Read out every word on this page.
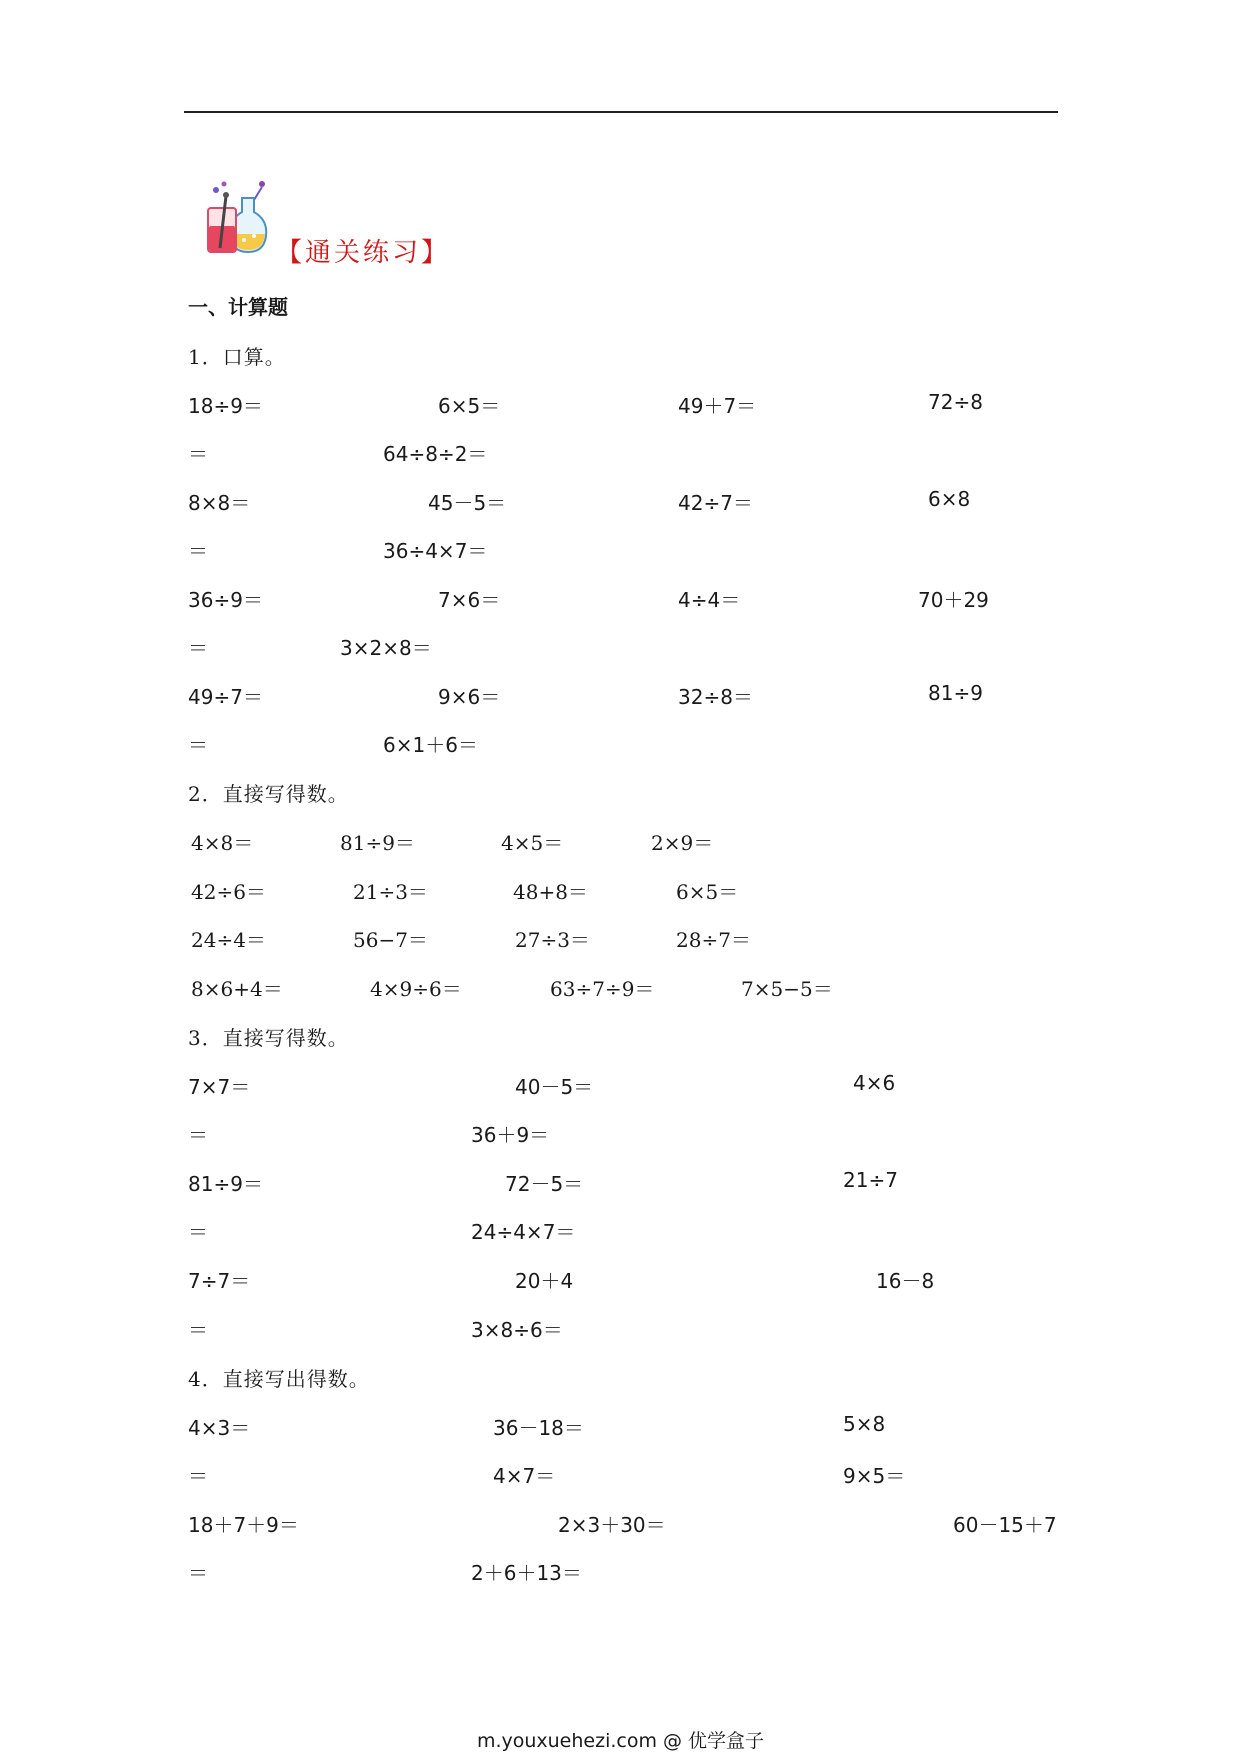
【通关练习】
一、计算题
1．口算。
18÷9＝	6×5＝	49＋7＝	72÷8
＝	64÷8÷2＝
8×8＝	45－5＝	42÷7＝	6×8
＝	36÷4×7＝
36÷9＝	7×6＝	4÷4＝	70＋29
＝	3×2×8＝
49÷7＝	9×6＝	32÷8＝	81÷9
＝	6×1＋6＝
2．直接写得数。
4×8＝	81÷9＝	4×5＝	2×9＝
42÷6＝	21÷3＝	48+8＝	6×5＝
24÷4＝	56−7＝	27÷3＝	28÷7＝
8×6+4＝	4×9÷6＝	63÷7÷9＝	7×5−5＝
3．直接写得数。
7×7＝	40－5＝	4×6
＝	36＋9＝
81÷9＝	72－5＝	21÷7
＝	24÷4×7＝
7÷7＝	20＋4	16－8
＝	3×8÷6＝
4．直接写出得数。
4×3＝	36－18＝	5×8
＝	4×7＝	9×5＝
18＋7＋9＝	2×3＋30＝	60－15＋7
＝	2＋6＋13＝
m.youxuehezi.com @ 优学盒子
